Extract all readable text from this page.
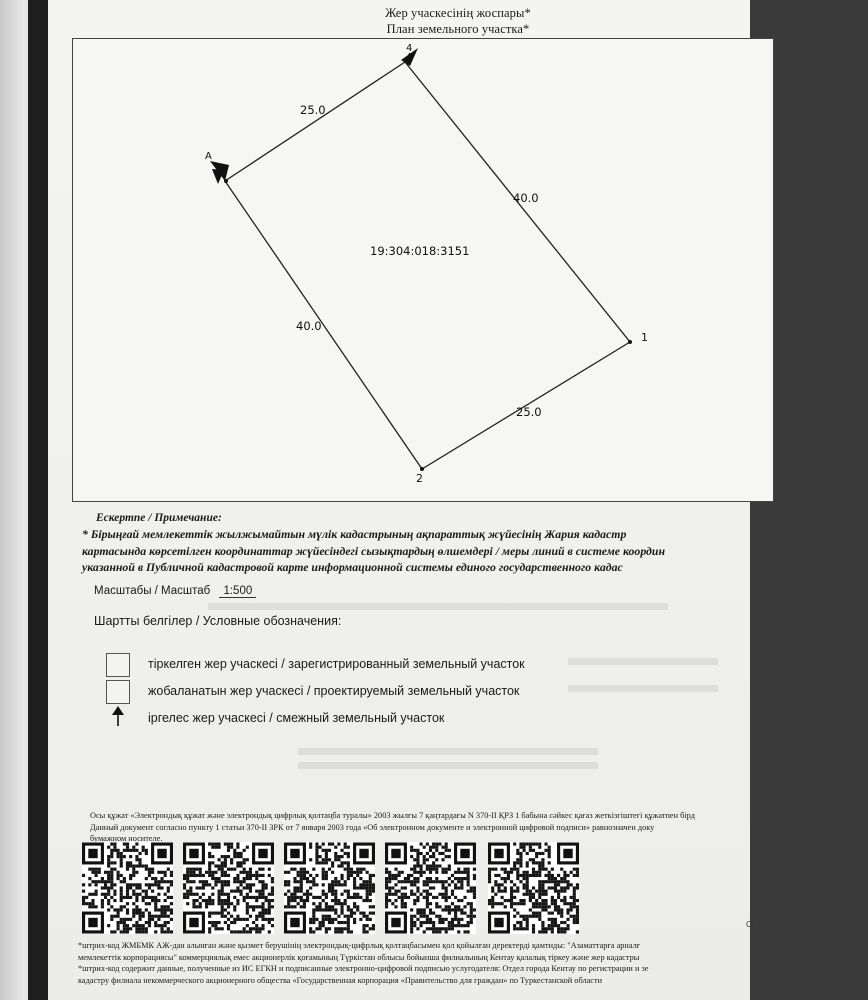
Жер учаскесінің жоспары*
План земельного участка*
1
2
4
A
25.0
40.0
40.0
25.0
19:304:018:3151
Ескертпе / Примечание:
* Бірыңғай мемлекеттік жылжымайтын мүлік кадастрының ақпараттық жүйесінің Жария кадастр
картасында көрсетілген координаттар жүйесіндегі сызықтардың өлшемдері / меры линий в системе координ
указанной в Публичной кадастровой карте информационной системы единого государственного кадас
Масштабы / Масштаб 1:500
Шартты белгілер / Условные обозначения:
тіркелген жер учаскесі / зарегистрированный земельный участок
жобаланатын жер учаскесі / проектируемый земельный участок
іргелес жер учаскесі / смежный земельный участок
Осы құжат «Электрондық құжат және электрондық цифрлық қолтаңба туралы» 2003 жылғы 7 қаңтардағы N 370-II ҚРЗ 1 бабына сәйкес қағаз жеткізгіштегі құжатпен бірд
Данный документ согласно пункту 1 статьи 370-II ЗРК от 7 января 2003 года «Об электронном документе и электронной цифровой подписи» равнозначен доку
бумажном носителе.
*штрих-код ЖМБМК АЖ-дан алынған және қызмет берушінің электрондық-цифрлық қолтаңбасымен қол қойылған деректерді қамтиды: "Азаматтарға арналғ
мемлекеттік корпорациясы" коммерциялық емес акционерлік қоғамының Түркістан облысы бойынша филиалының Кентау қалалық тіркеу және жер кадастры
*штрих-код содержит данные, полученные из ИС ЕГКН и подписанные электронно-цифровой подписью услугодателя: Отдел города Кентау по регистрации и зе
кадастру филиала некоммерческого акционерного общества «Государственная корпорация «Правительство для граждан» по Туркестанской области
Ст
